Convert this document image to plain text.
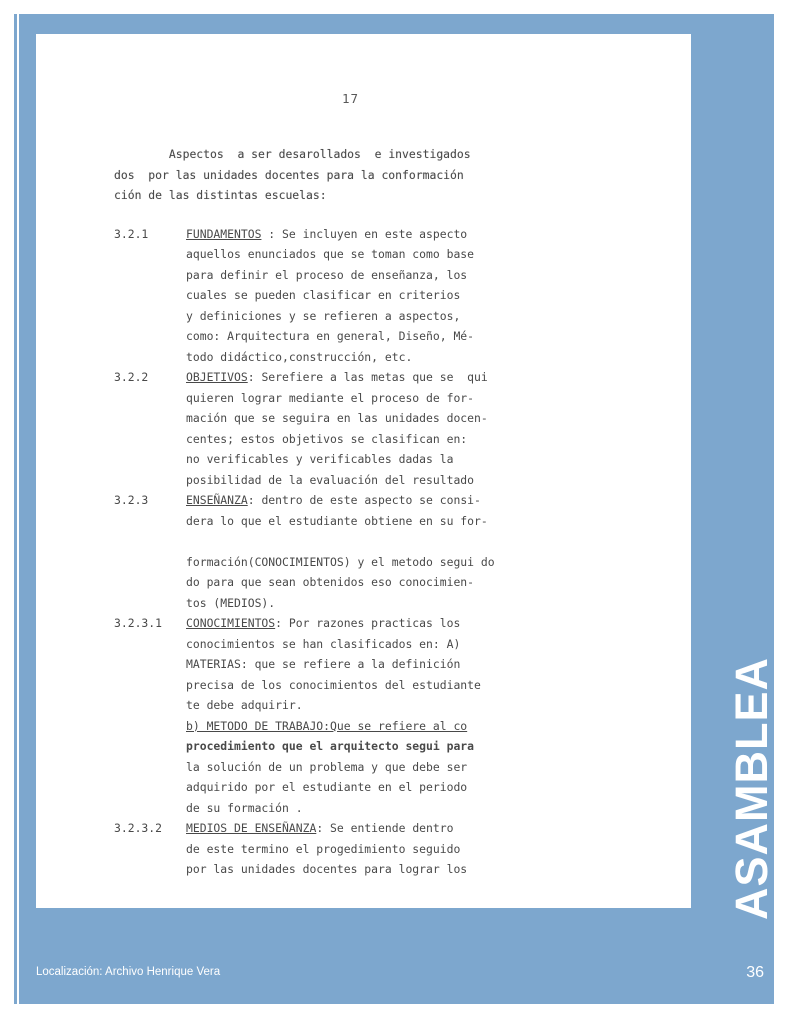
17
Aspectos  a ser desarollados  e investigados
dos  por las unidades docentes para la conformación
ción de las distintas escuelas:
3.2.1	FUNDAMENTOS : Se incluyen en este aspecto
aquellos enunciados que se toman como base
para definir el proceso de enseñanza, los
cuales se pueden clasificar en criterios
y definiciones y se refieren a aspectos,
como: Arquitectura en general, Diseño, Mé-
todo didáctico,construcción, etc.
3.2.2	OBJETIVOS: Serefiere a las metas que se  qui
quieren lograr mediante el proceso de for-
mación que se seguira en las unidades docen-
centes; estos objetivos se clasifican en:
no verificables y verificables dadas la
posibilidad de la evaluación del resultado
3.2.3	ENSEÑANZA: dentro de este aspecto se consi-
dera lo que el estudiante obtiene en su for-

formación(CONOCIMIENTOS) y el metodo segui do
do para que sean obtenidos eso conocimien-
tos (MEDIOS).
3.2.3.1	CONOCIMIENTOS: Por razones practicas los
conocimientos se han clasificados en: A)
MATERIAS: que se refiere a la definición
precisa de los conocimientos del estudiante
te debe adquirir.
b) METODO DE TRABAJO:Que se refiere al co
procedimiento que el arquitecto segui para
la solución de un problema y que debe ser
adquirido por el estudiante en el periodo
de su formación .
3.2.3.2	MEDIOS DE ENSEÑANZA: Se entiende dentro
de este termino el progedimiento seguido
por las unidades docentes para lograr los	ASAMBLEA
Localización: Archivo Henrique Vera	36
